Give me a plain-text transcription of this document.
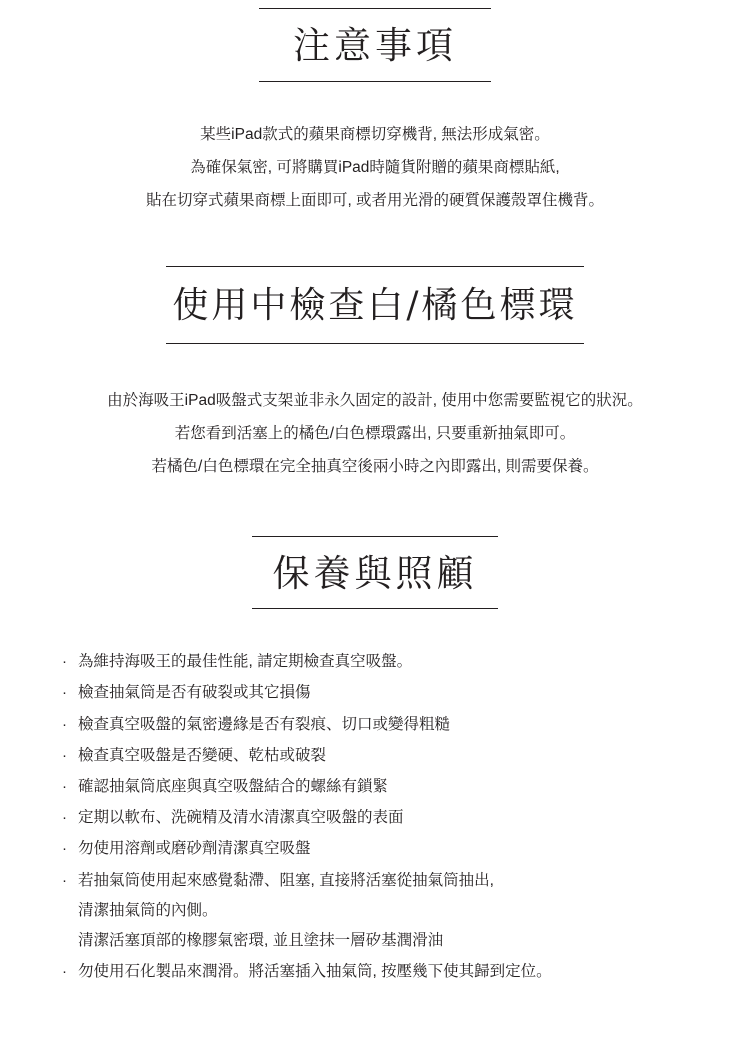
注意事項

某些iPad款式的蘋果商標切穿機背, 無法形成氣密。

為確保氣密, 可將購買iPad時隨貨附贈的蘋果商標貼紙,

貼在切穿式蘋果商標上面即可, 或者用光滑的硬質保護殼罩住機背。

使用中檢查白/橘色標環

由於海吸王iPad吸盤式支架並非永久固定的設計, 使用中您需要監視它的狀況。

若您看到活塞上的橘色/白色標環露出, 只要重新抽氣即可。

若橘色/白色標環在完全抽真空後兩小時之內即露出, 則需要保養。

保養與照顧
· 為維持海吸王的最佳性能, 請定期檢查真空吸盤。
· 檢查抽氣筒是否有破裂或其它損傷
· 檢查真空吸盤的氣密邊緣是否有裂痕、切口或變得粗糙
· 檢查真空吸盤是否變硬、乾枯或破裂
· 確認抽氣筒底座與真空吸盤結合的螺絲有鎖緊
· 定期以軟布、洗碗精及清水清潔真空吸盤的表面
· 勿使用溶劑或磨砂劑清潔真空吸盤
· 若抽氣筒使用起來感覺黏滯、阻塞, 直接將活塞從抽氣筒抽出,
清潔抽氣筒的內側。
清潔活塞頂部的橡膠氣密環, 並且塗抹一層矽基潤滑油
· 勿使用石化製品來潤滑。將活塞插入抽氣筒, 按壓幾下使其歸到定位。
